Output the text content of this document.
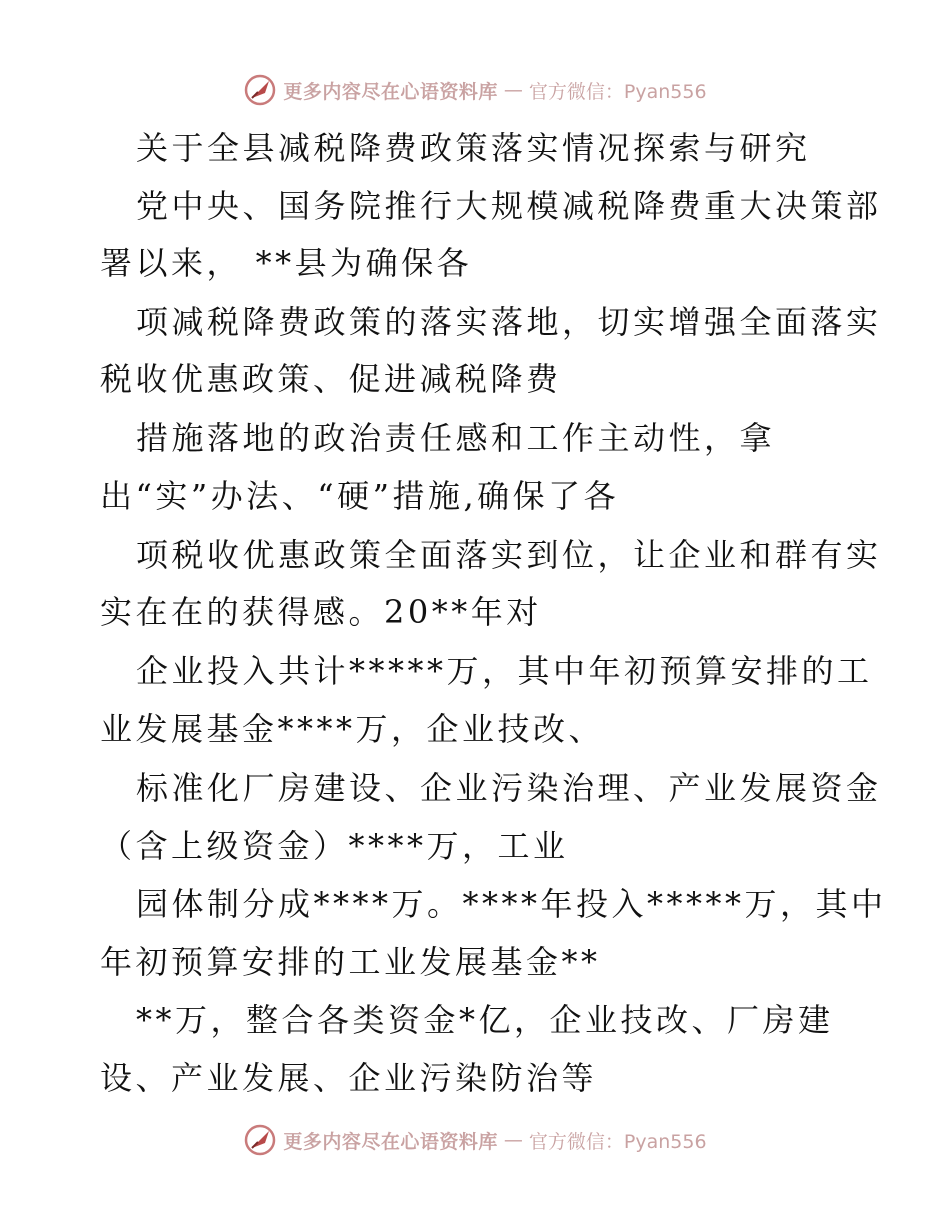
更多内容尽在心语资料库 — 官方微信：Pyan556
关于全县减税降费政策落实情况探索与研究
党中央、国务院推行大规模减税降费重大决策部
署以来， **县为确保各
项减税降费政策的落实落地，切实增强全面落实
税收优惠政策、促进减税降费
措施落地的政治责任感和工作主动性，拿
出“实”办法、“硬”措施,确保了各
项税收优惠政策全面落实到位，让企业和群有实
实在在的获得感。20**年对
企业投入共计*****万，其中年初预算安排的工
业发展基金****万，企业技改、
标准化厂房建设、企业污染治理、产业发展资金
（含上级资金）****万，工业
园体制分成****万。****年投入*****万，其中
年初预算安排的工业发展基金**
**万，整合各类资金*亿，企业技改、厂房建
设、产业发展、企业污染防治等
更多内容尽在心语资料库 — 官方微信：Pyan556
